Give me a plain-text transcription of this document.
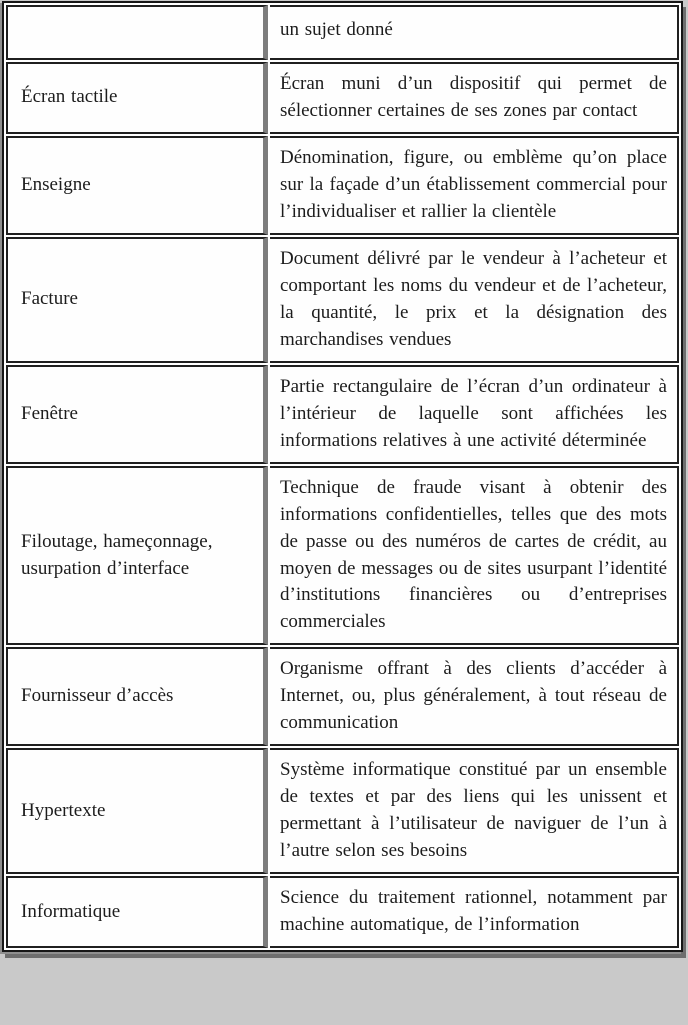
	un sujet donné
Écran tactile	Écran muni d’un dispositif qui permet de sélectionner certaines de ses zones par contact
Enseigne	Dénomination, figure, ou emblème qu’on place sur la façade d’un établissement commercial pour l’individualiser et rallier la clientèle
Facture	Document délivré par le vendeur à l’acheteur et comportant les noms du vendeur et de l’acheteur, la quantité, le prix et la désignation des marchandises vendues
Fenêtre	Partie rectangulaire de l’écran d’un ordinateur à l’intérieur de laquelle sont affichées les informations relatives à une activité déterminée
Filoutage, hameçonnage, usurpation d’interface	Technique de fraude visant à obtenir des informations confidentielles, telles que des mots de passe ou des numéros de cartes de crédit, au moyen de messages ou de sites usurpant l’identité d’institutions financières ou d’entreprises commerciales
Fournisseur d’accès	Organisme offrant à des clients d’accéder à Internet, ou, plus généralement, à tout réseau de communication
Hypertexte	Système informatique constitué par un ensemble de textes et par des liens qui les unissent et permettant à l’utilisateur de naviguer de l’un à l’autre selon ses besoins
Informatique	Science du traitement rationnel, notamment par machine automatique, de l’information
